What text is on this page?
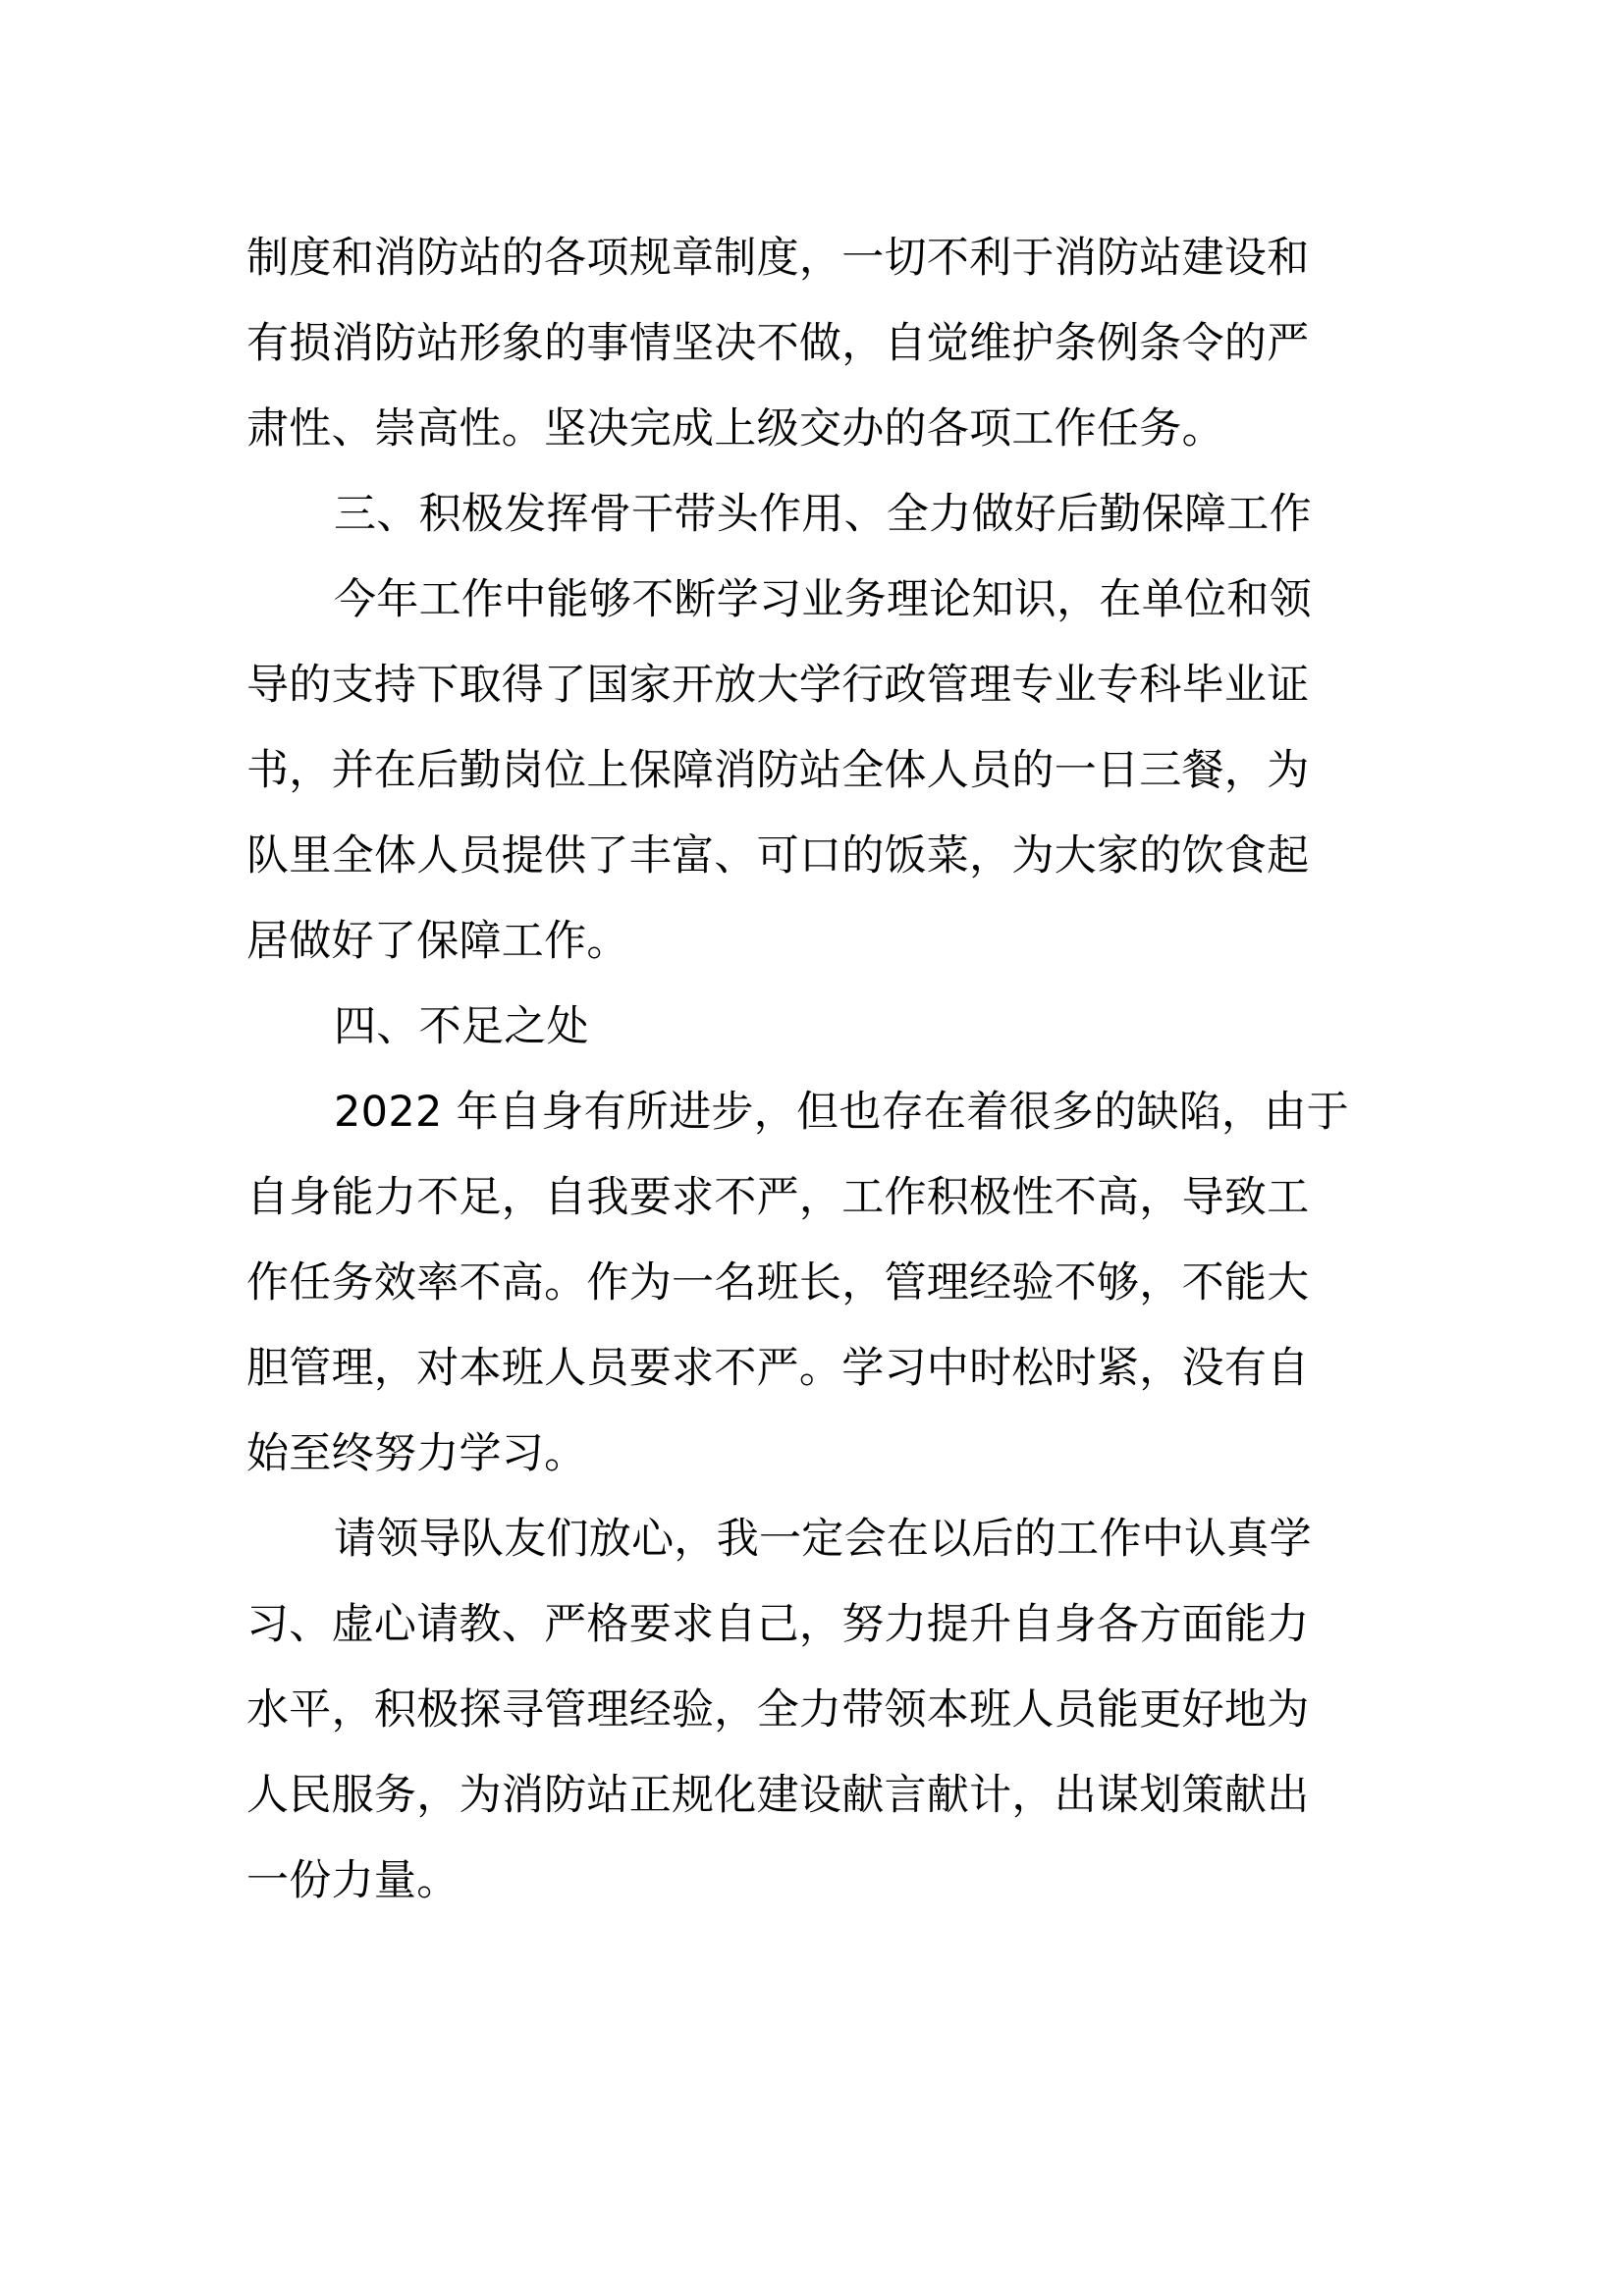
制度和消防站的各项规章制度，一切不利于消防站建设和
有损消防站形象的事情坚决不做，自觉维护条例条令的严
肃性、崇高性。坚决完成上级交办的各项工作任务。
三、积极发挥骨干带头作用、全力做好后勤保障工作
今年工作中能够不断学习业务理论知识，在单位和领
导的支持下取得了国家开放大学行政管理专业专科毕业证
书，并在后勤岗位上保障消防站全体人员的一日三餐，为
队里全体人员提供了丰富、可口的饭菜，为大家的饮食起
居做好了保障工作。
四、不足之处
2022 年自身有所进步，但也存在着很多的缺陷，由于
自身能力不足，自我要求不严，工作积极性不高，导致工
作任务效率不高。作为一名班长，管理经验不够，不能大
胆管理，对本班人员要求不严。学习中时松时紧，没有自
始至终努力学习。
请领导队友们放心，我一定会在以后的工作中认真学
习、虚心请教、严格要求自己，努力提升自身各方面能力
水平，积极探寻管理经验，全力带领本班人员能更好地为
人民服务，为消防站正规化建设献言献计，出谋划策献出
一份力量。
